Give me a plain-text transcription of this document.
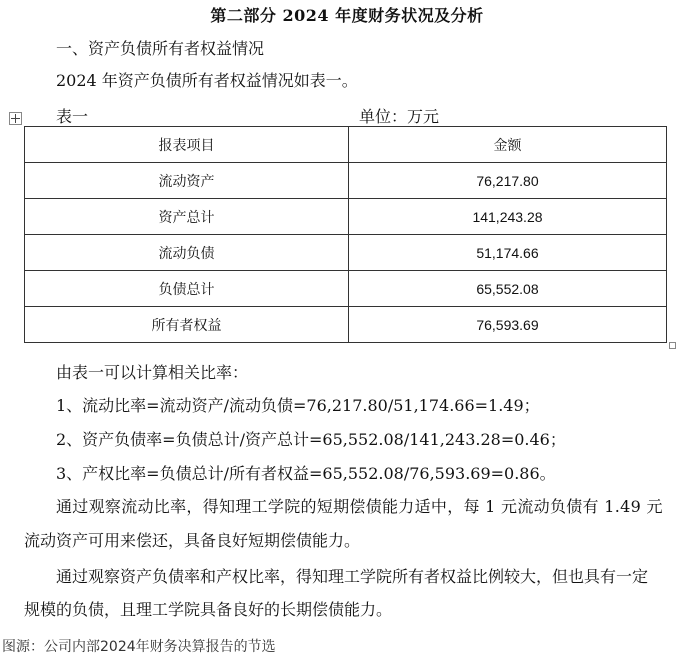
第二部分 2024 年度财务状况及分析
一、资产负债所有者权益情况
2024 年资产负债所有者权益情况如表一。
表一	单位：万元
报表项目	金额
流动资产	76,217.80
资产总计	141,243.28
流动负债	51,174.66
负债总计	65,552.08
所有者权益	76,593.69
由表一可以计算相关比率：
1、流动比率=流动资产/流动负债=76,217.80/51,174.66=1.49；
2、资产负债率=负债总计/资产总计=65,552.08/141,243.28=0.46；
3、产权比率=负债总计/所有者权益=65,552.08/76,593.69=0.86。
通过观察流动比率，得知理工学院的短期偿债能力适中，每 1 元流动负债有 1.49 元
流动资产可用来偿还，具备良好短期偿债能力。
通过观察资产负债率和产权比率，得知理工学院所有者权益比例较大，但也具有一定
规模的负债，且理工学院具备良好的长期偿债能力。
图源：公司内部2024年财务决算报告的节选
